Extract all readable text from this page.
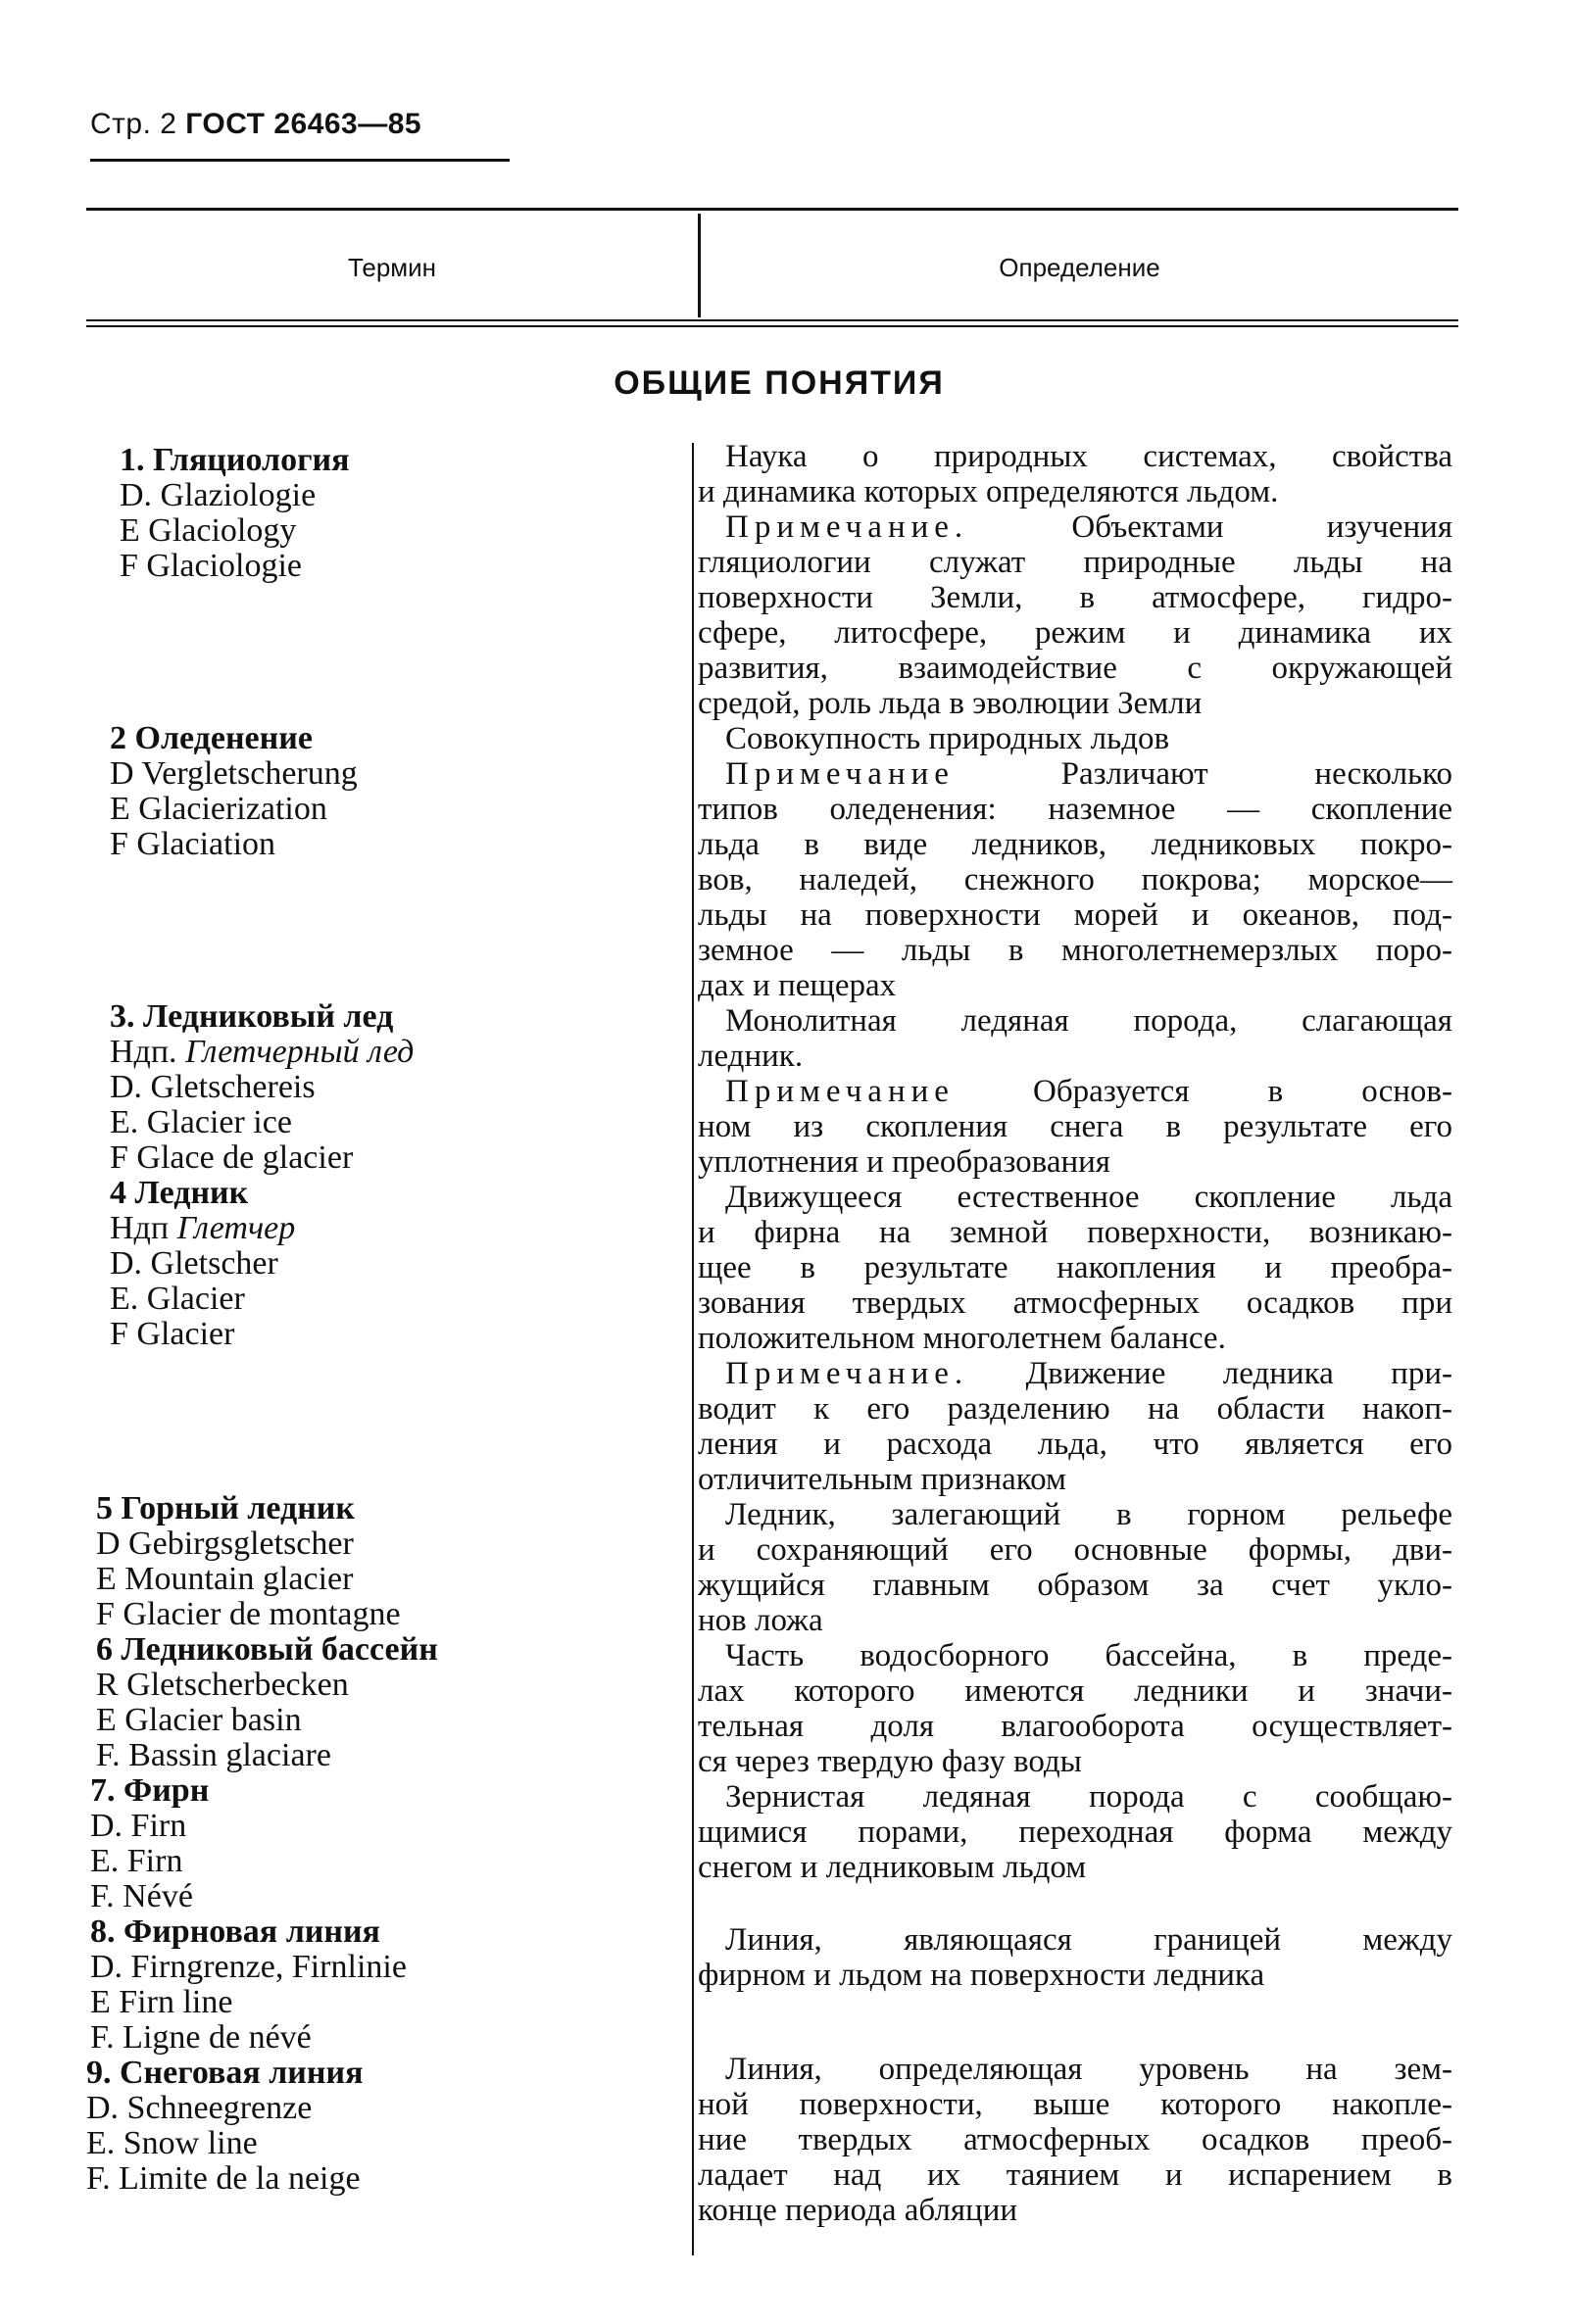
Стр. 2 ГОСТ 26463—85
Термин	Определение
ОБЩИЕ ПОНЯТИЯ
1. Гляциология
D. Glaziologie
E Glaciology
F Glaciologie
2 Оледенение
D Vergletscherung
E Glacierization
F Glaciation
3. Ледниковый лед
Ндп. Глетчерный лед
D. Gletschereis
E. Glacier ice
F Glace de glacier
4 Ледник
Ндп Глетчер
D. Gletscher
E. Glacier
F Glacier
5 Горный ледник
D Gebirgsgletscher
E Mountain glacier
F Glacier de montagne
6 Ледниковый бассейн
R Gletscherbecken
E Glacier basin
F. Bassin glaciare
7. Фирн
D. Firn
E. Firn
F. Névé
8. Фирновая линия
D. Firngrenze, Firnlinie
E Firn line
F. Ligne de névé
9. Снеговая линия
D. Schneegrenze
E. Snow line
F. Limite de la neige
Наука о природных системах, свойства
и динамика которых определяются льдом.
Примечание. Объектами изучения
гляциологии служат природные льды на
поверхности Земли, в атмосфере, гидро-
сфере, литосфере, режим и динамика их
развития, взаимодействие с окружающей
средой, роль льда в эволюции Земли
Совокупность природных льдов
Примечание Различают несколько
типов оледенения: наземное — скопление
льда в виде ледников, ледниковых покро-
вов, наледей, снежного покрова; морское—
льды на поверхности морей и океанов, под-
земное — льды в многолетнемерзлых поро-
дах и пещерах
Монолитная ледяная порода, слагающая
ледник.
Примечание Образуется в основ-
ном из скопления снега в результате его
уплотнения и преобразования
Движущееся естественное скопление льда
и фирна на земной поверхности, возникаю-
щее в результате накопления и преобра-
зования твердых атмосферных осадков при
положительном многолетнем балансе.
Примечание. Движение ледника при-
водит к его разделению на области накоп-
ления и расхода льда, что является его
отличительным признаком
Ледник, залегающий в горном рельефе
и сохраняющий его основные формы, дви-
жущийся главным образом за счет укло-
нов ложа
Часть водосборного бассейна, в преде-
лах которого имеются ледники и значи-
тельная доля влагооборота осуществляет-
ся через твердую фазу воды
Зернистая ледяная порода с сообщаю-
щимися порами, переходная форма между
снегом и ледниковым льдом
Линия, являющаяся границей между
фирном и льдом на поверхности ледника
Линия, определяющая уровень на зем-
ной поверхности, выше которого накопле-
ние твердых атмосферных осадков преоб-
ладает над их таянием и испарением в
конце периода абляции
